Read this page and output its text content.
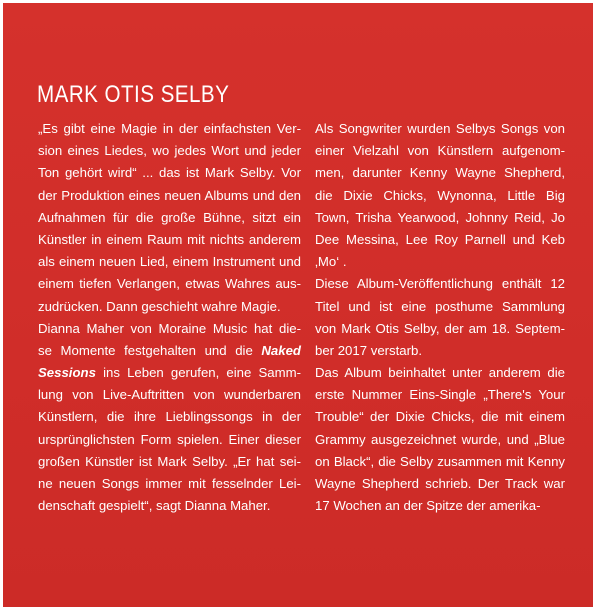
MARK OTIS SELBY
„Es gibt eine Magie in der einfachsten Ver-
sion eines Liedes, wo jedes Wort und jeder
Ton gehört wird“ ... das ist Mark Selby. Vor
der Produktion eines neuen Albums und den
Aufnahmen für die große Bühne, sitzt ein
Künstler in einem Raum mit nichts anderem
als einem neuen Lied, einem Instrument und
einem tiefen Verlangen, etwas Wahres aus-
zudrücken. Dann geschieht wahre Magie.
Dianna Maher von Moraine Music hat die-
se Momente festgehalten und die Naked
Sessions ins Leben gerufen, eine Samm-
lung von Live-Auftritten von wunderbaren
Künstlern, die ihre Lieblingssongs in der
ursprünglichsten Form spielen. Einer dieser
großen Künstler ist Mark Selby. „Er hat sei-
ne neuen Songs immer mit fesselnder Lei-
denschaft gespielt“, sagt Dianna Maher.
Als Songwriter wurden Selbys Songs von
einer Vielzahl von Künstlern aufgenom-
men, darunter Kenny Wayne Shepherd,
die Dixie Chicks, Wynonna, Little Big
Town, Trisha Yearwood, Johnny Reid, Jo
Dee Messina, Lee Roy Parnell und Keb
‚Mo‘ .
Diese Album-Veröffentlichung enthält 12
Titel und ist eine posthume Sammlung
von Mark Otis Selby, der am 18. Septem-
ber 2017 verstarb.
Das Album beinhaltet unter anderem die
erste Nummer Eins-Single „There's Your
Trouble“ der Dixie Chicks, die mit einem
Grammy ausgezeichnet wurde, und „Blue
on Black“, die Selby zusammen mit Kenny
Wayne Shepherd schrieb. Der Track war
17 Wochen an der Spitze der amerika-
